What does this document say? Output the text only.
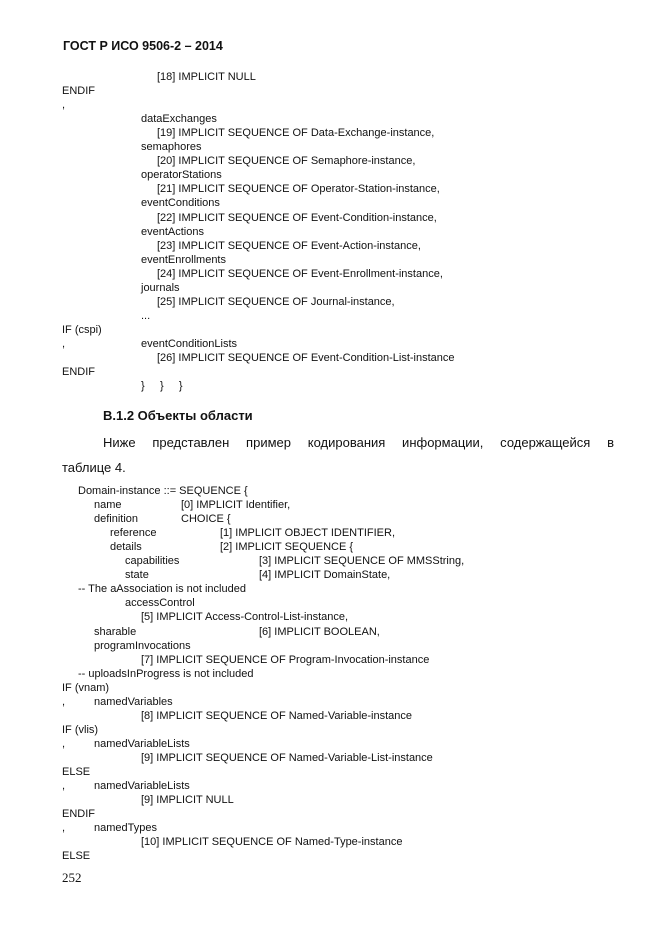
ГОСТ Р ИСО 9506-2 – 2014
[18] IMPLICIT NULL
ENDIF
,
dataExchanges
[19] IMPLICIT SEQUENCE OF Data-Exchange-instance,
semaphores
[20] IMPLICIT SEQUENCE OF Semaphore-instance,
operatorStations
[21] IMPLICIT SEQUENCE OF Operator-Station-instance,
eventConditions
[22] IMPLICIT SEQUENCE OF Event-Condition-instance,
eventActions
[23] IMPLICIT SEQUENCE OF Event-Action-instance,
eventEnrollments
[24] IMPLICIT SEQUENCE OF Event-Enrollment-instance,
journals
[25] IMPLICIT SEQUENCE OF Journal-instance,
...
IF (cspi)
,
[26] IMPLICIT SEQUENCE OF Event-Condition-List-instance
ENDIF
}     }     }
В.1.2 Объекты области
Ниже представлен пример кодирования информации, содержащейся в
таблице 4.
Domain-instance ::= SEQUENCE {
name
definition
reference
details
capabilities
state
-- The aAssociation is not included
accessControl
[5] IMPLICIT Access-Control-List-instance,
sharable
programInvocations
[7] IMPLICIT SEQUENCE OF Program-Invocation-instance
-- uploadsInProgress is not included
IF (vnam)
,
[8] IMPLICIT SEQUENCE OF Named-Variable-instance
IF (vlis)
,
[9] IMPLICIT SEQUENCE OF Named-Variable-List-instance
ELSE
,
[9] IMPLICIT NULL
ENDIF
,
[10] IMPLICIT SEQUENCE OF Named-Type-instance
ELSE
[0] IMPLICIT Identifier,
CHOICE {
[1] IMPLICIT OBJECT IDENTIFIER,
[2] IMPLICIT SEQUENCE {
[3] IMPLICIT SEQUENCE OF MMSString,
[4] IMPLICIT DomainState,
[6] IMPLICIT BOOLEAN,
namedVariables
namedVariableLists
namedVariableLists
namedTypes
eventConditionLists
252
